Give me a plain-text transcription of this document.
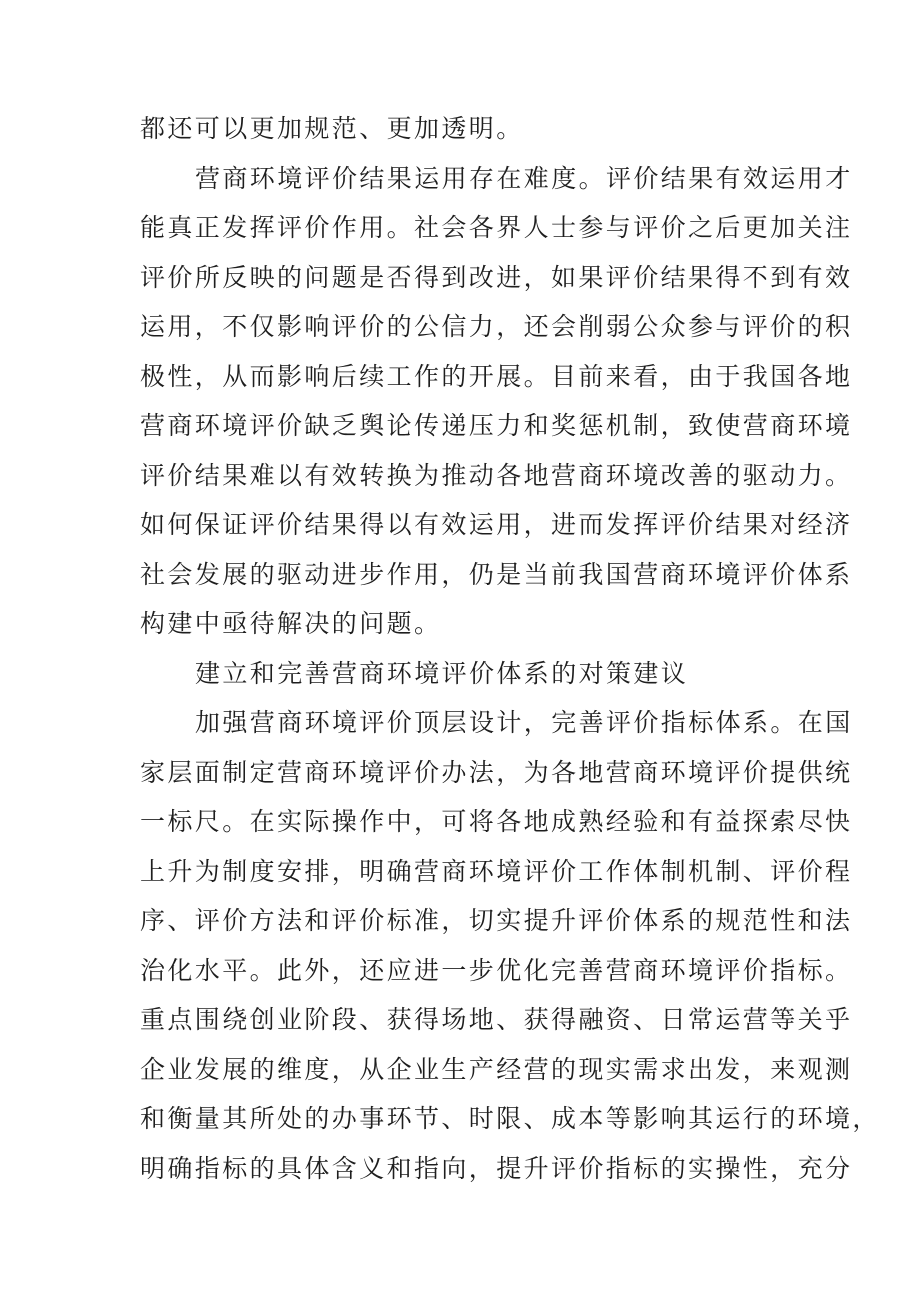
都还可以更加规范、更加透明。
营商环境评价结果运用存在难度。评价结果有效运用才
能真正发挥评价作用。社会各界人士参与评价之后更加关注
评价所反映的问题是否得到改进，如果评价结果得不到有效
运用，不仅影响评价的公信力，还会削弱公众参与评价的积
极性，从而影响后续工作的开展。目前来看，由于我国各地
营商环境评价缺乏舆论传递压力和奖惩机制，致使营商环境
评价结果难以有效转换为推动各地营商环境改善的驱动力。
如何保证评价结果得以有效运用，进而发挥评价结果对经济
社会发展的驱动进步作用，仍是当前我国营商环境评价体系
构建中亟待解决的问题。
建立和完善营商环境评价体系的对策建议
加强营商环境评价顶层设计，完善评价指标体系。在国
家层面制定营商环境评价办法，为各地营商环境评价提供统
一标尺。在实际操作中，可将各地成熟经验和有益探索尽快
上升为制度安排，明确营商环境评价工作体制机制、评价程
序、评价方法和评价标准，切实提升评价体系的规范性和法
治化水平。此外，还应进一步优化完善营商环境评价指标。
重点围绕创业阶段、获得场地、获得融资、日常运营等关乎
企业发展的维度，从企业生产经营的现实需求出发，来观测
和衡量其所处的办事环节、时限、成本等影响其运行的环境，
明确指标的具体含义和指向，提升评价指标的实操性，充分
